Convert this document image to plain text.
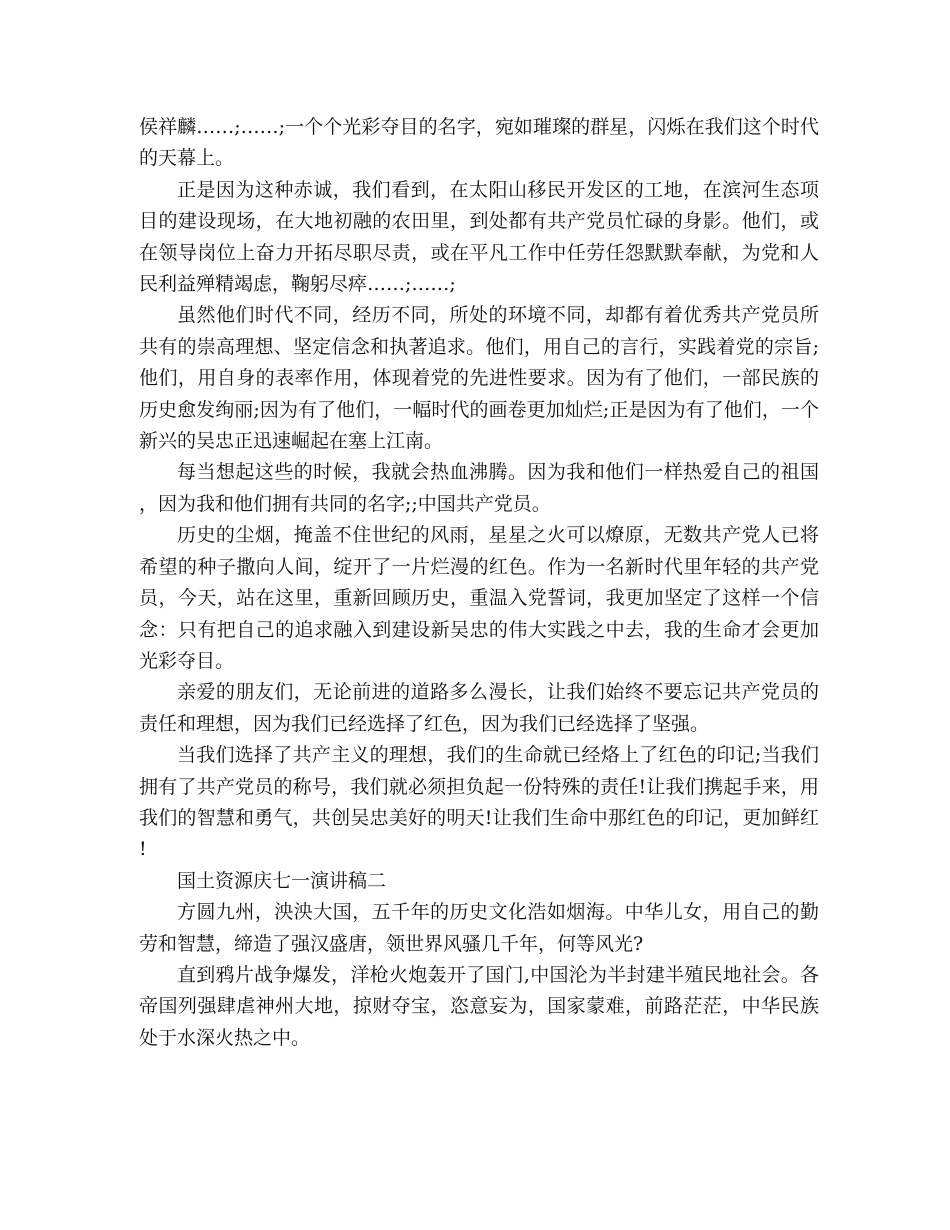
侯祥麟……;……;一个个光彩夺目的名字，宛如璀璨的群星，闪烁在我们这个时代的天幕上。

正是因为这种赤诚，我们看到，在太阳山移民开发区的工地，在滨河生态项目的建设现场，在大地初融的农田里，到处都有共产党员忙碌的身影。他们，或在领导岗位上奋力开拓尽职尽责，或在平凡工作中任劳任怨默默奉献，为党和人民利益殚精竭虑，鞠躬尽瘁……;……;

虽然他们时代不同，经历不同，所处的环境不同，却都有着优秀共产党员所共有的崇高理想、坚定信念和执著追求。他们，用自己的言行，实践着党的宗旨;他们，用自身的表率作用，体现着党的先进性要求。因为有了他们，一部民族的历史愈发绚丽;因为有了他们，一幅时代的画卷更加灿烂;正是因为有了他们，一个新兴的吴忠正迅速崛起在塞上江南。

每当想起这些的时候，我就会热血沸腾。因为我和他们一样热爱自己的祖国，因为我和他们拥有共同的名字;;中国共产党员。

历史的尘烟，掩盖不住世纪的风雨，星星之火可以燎原，无数共产党人已将希望的种子撒向人间，绽开了一片烂漫的红色。作为一名新时代里年轻的共产党员，今天，站在这里，重新回顾历史，重温入党誓词，我更加坚定了这样一个信念：只有把自己的追求融入到建设新吴忠的伟大实践之中去，我的生命才会更加光彩夺目。

亲爱的朋友们，无论前进的道路多么漫长，让我们始终不要忘记共产党员的责任和理想，因为我们已经选择了红色，因为我们已经选择了坚强。

当我们选择了共产主义的理想，我们的生命就已经烙上了红色的印记;当我们拥有了共产党员的称号，我们就必须担负起一份特殊的责任!让我们携起手来，用我们的智慧和勇气，共创吴忠美好的明天!让我们生命中那红色的印记，更加鲜红!

国土资源庆七一演讲稿二

方圆九州，泱泱大国，五千年的历史文化浩如烟海。中华儿女，用自己的勤劳和智慧，缔造了强汉盛唐，领世界风骚几千年，何等风光?

直到鸦片战争爆发，洋枪火炮轰开了国门,中国沦为半封建半殖民地社会。各帝国列强肆虐神州大地，掠财夺宝，恣意妄为，国家蒙难，前路茫茫，中华民族处于水深火热之中。
